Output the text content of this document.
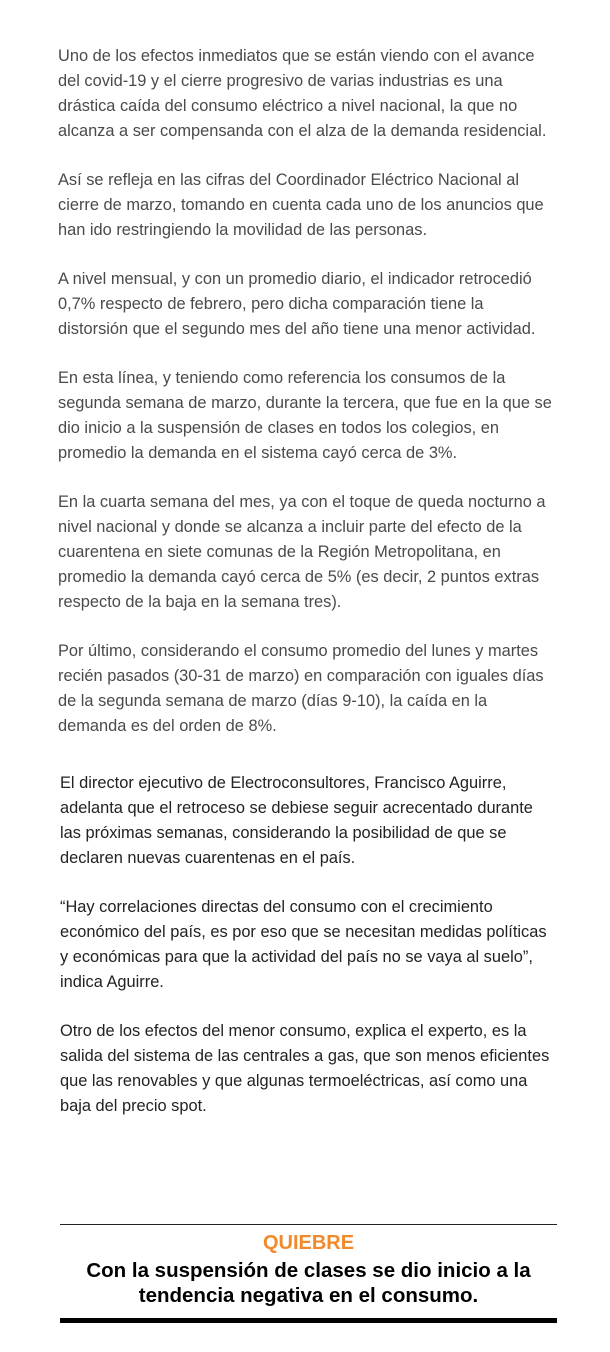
Uno de los efectos inmediatos que se están viendo con el avance del covid-19 y el cierre progresivo de varias industrias es una drástica caída del consumo eléctrico a nivel nacional, la que no alcanza a ser compensanda con el alza de la demanda residencial.

Así se refleja en las cifras del Coordinador Eléctrico Nacional al cierre de marzo, tomando en cuenta cada uno de los anuncios que han ido restringiendo la movilidad de las personas.

A nivel mensual, y con un promedio diario, el indicador retrocedió 0,7% respecto de febrero, pero dicha comparación tiene la distorsión que el segundo mes del año tiene una menor actividad.

En esta línea, y teniendo como referencia los consumos de la segunda semana de marzo, durante la tercera, que fue en la que se dio inicio a la suspensión de clases en todos los colegios, en promedio la demanda en el sistema cayó cerca de 3%.

En la cuarta semana del mes, ya con el toque de queda nocturno a nivel nacional y donde se alcanza a incluir parte del efecto de la cuarentena en siete comunas de la Región Metropolitana, en promedio la demanda cayó cerca de 5% (es decir, 2 puntos extras respecto de la baja en la semana tres).

Por último, considerando el consumo promedio del lunes y martes recién pasados (30-31 de marzo) en comparación con iguales días de la segunda semana de marzo (días 9-10), la caída en la demanda es del orden de 8%.

El director ejecutivo de Electroconsultores, Francisco Aguirre, adelanta que el retroceso se debiese seguir acrecentado durante las próximas semanas, considerando la posibilidad de que se declaren nuevas cuarentenas en el país.

“Hay correlaciones directas del consumo con el crecimiento económico del país, es por eso que se necesitan medidas políticas y económicas para que la actividad del país no se vaya al suelo”, indica Aguirre.

Otro de los efectos del menor consumo, explica el experto, es la salida del sistema de las centrales a gas, que son menos eficientes que las renovables y que algunas termoeléctricas, así como una baja del precio spot.

QUIEBRE
Con la suspensión de clases se dio inicio a la tendencia negativa en el consumo.
